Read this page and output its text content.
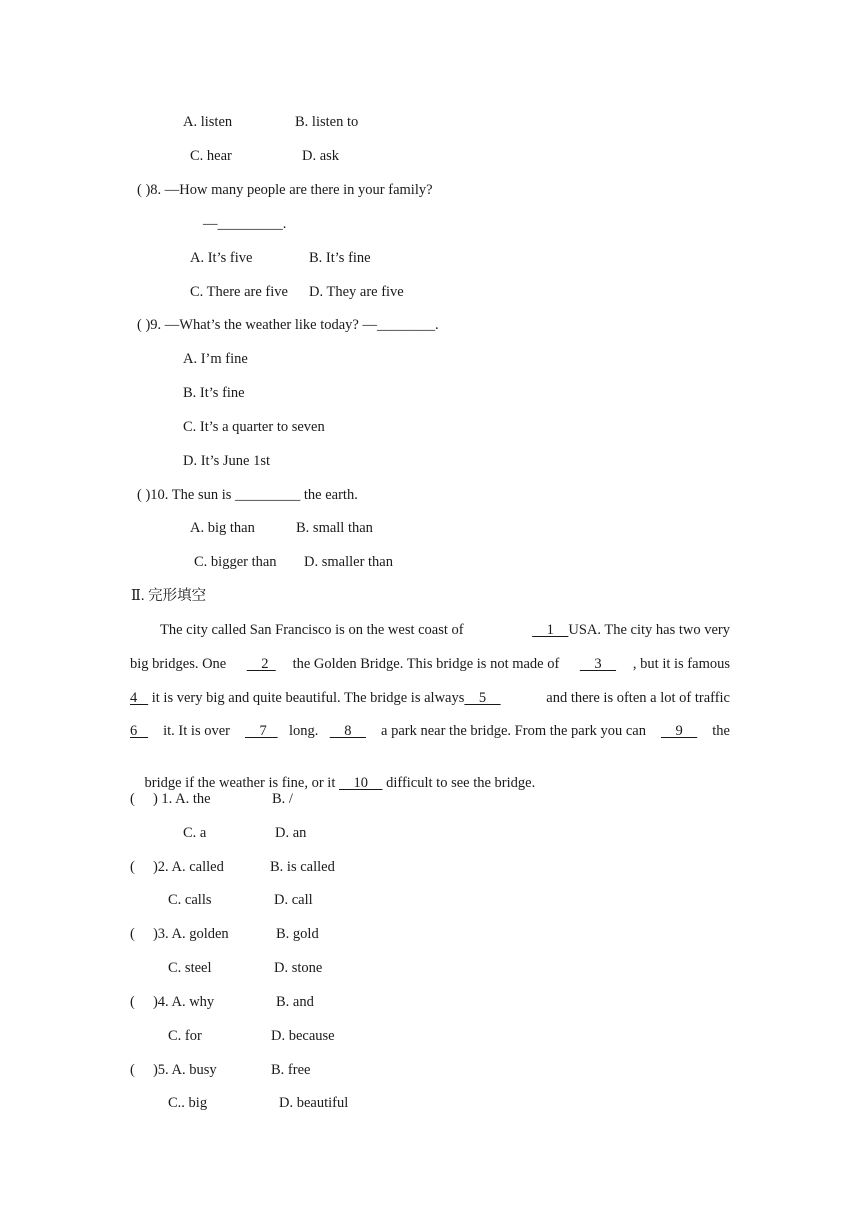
A. listen	B. listen to
C. hear	D. ask
( )8. —How many people are there in your family?
—_________.
A. It’s five	B. It’s fine
C. There are five D. They are five
( )9. —What’s the weather like today? —________.
A. I’m fine
B. It’s fine
C. It’s a quarter to seven
D. It’s June 1st
( )10. The sun is _________ the earth.
A. big than	B. small than
C. bigger than D. smaller than
Ⅱ. 完形填空
The city called San Francisco is on the west coast of	1 USA. The city has two very
big bridges. One 2 the Golden Bridge. This bridge is not made of 3 , but it is famous
4 it is very big and quite beautiful. The bridge is always 5	and there is often a lot of traffic
6 it. It is over 7 long. 8 a park near the bridge. From the park you can 9 the

bridge if the weather is fine, or it     10     difficult to see the bridge.

(     ) 1. A. the	B. /
C. a	D. an
(     )2. A. called	B. is called
C. calls	D. call
(     )3. A. golden	B. gold
C. steel	D. stone
(     )4. A. why	B. and
C. for	D. because
(     )5. A. busy	B. free
C.. big	D. beautiful
